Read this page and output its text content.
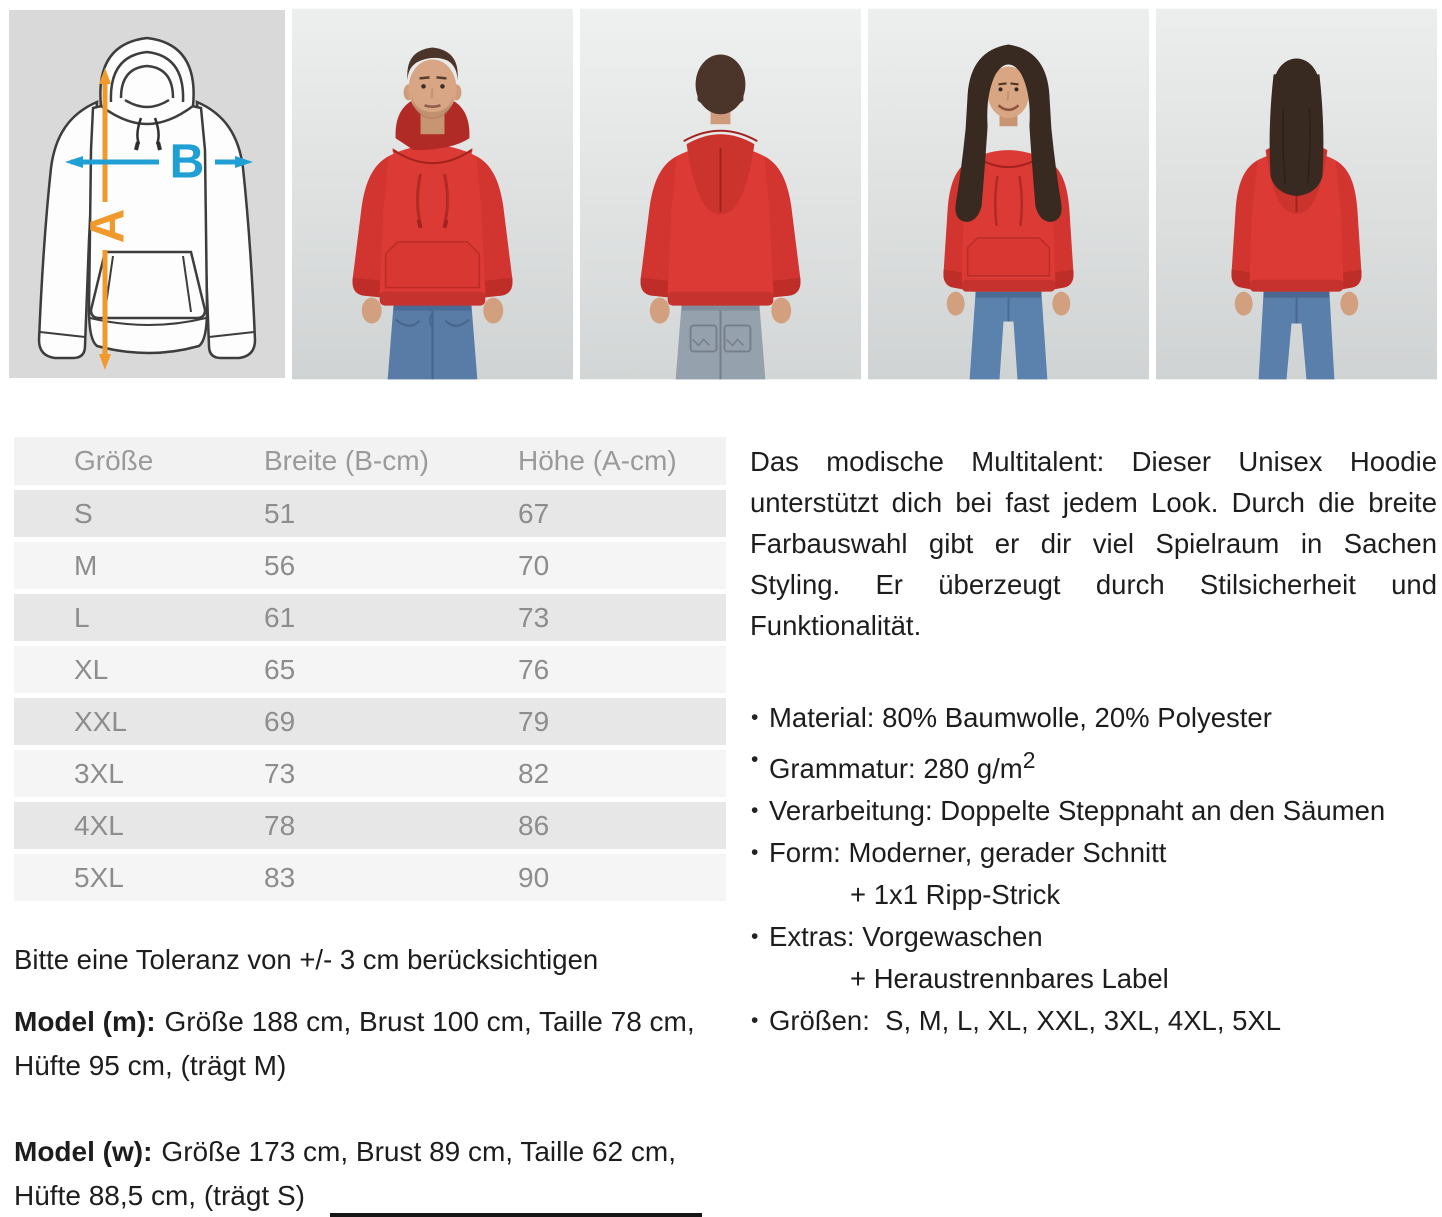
A
B
Größe	Breite (B-cm)	Höhe (A-cm)
S	51	67
M	56	70
L	61	73
XL	65	76
XXL	69	79
3XL	73	82
4XL	78	86
5XL	83	90

Das modische Multitalent: Dieser Unisex Hoodie unterstützt dich bei fast jedem Look. Durch die breite Farbauswahl gibt er dir viel Spielraum in Sachen Styling. Er überzeugt durch Stilsicherheit und Funktionalität.

• Material: 80% Baumwolle, 20% Polyester
• Grammatur: 280 $g/m^2$
• Verarbeitung: Doppelte Steppnaht an den Säumen
• Form: Moderner, gerader Schnitt
+ 1x1 Ripp-Strick
• Extras: Vorgewaschen
+ Heraustrennbares Label
• Größen:  S, M, L, XL, XXL, 3XL, 4XL, 5XL
Bitte eine Toleranz von +/- 3 cm berücksichtigen
Model (m): Größe 188 cm, Brust 100 cm, Taille 78 cm, Hüfte 95 cm, (trägt M)
Model (w): Größe 173 cm, Brust 89 cm, Taille 62 cm, Hüfte 88,5 cm, (trägt S)
